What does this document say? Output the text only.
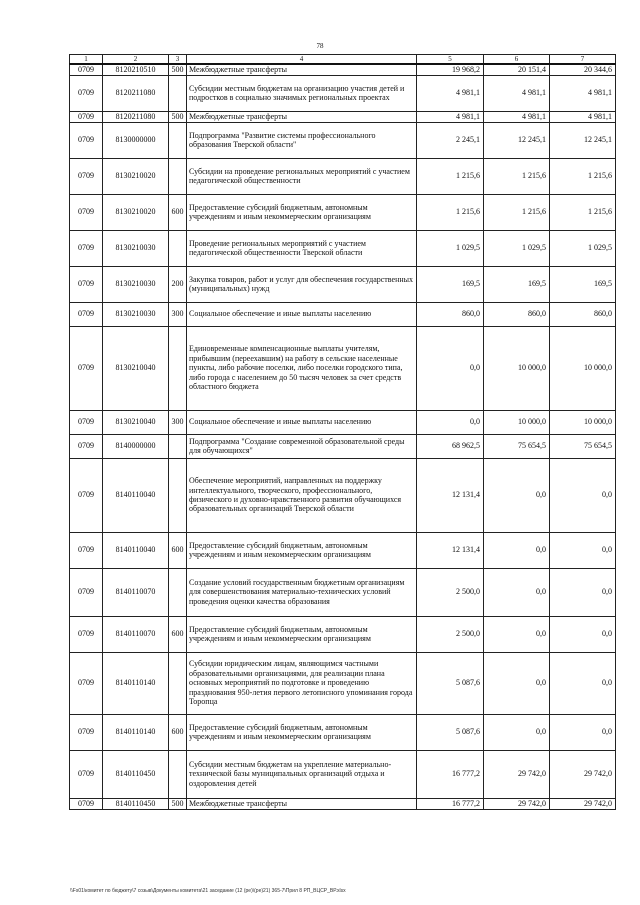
78
1	2	3	4	5	6	7
0709	8120210510	500	Межбюджетные трансферты	19 968,2	20 151,4	20 344,6
0709	8120211080		Субсидии местным бюджетам на организацию участия детей и подростков в социально значимых региональных проектах	4 981,1	4 981,1	4 981,1
0709	8120211080	500	Межбюджетные трансферты	4 981,1	4 981,1	4 981,1
0709	8130000000		Подпрограмма "Развитие системы профессионального образования Тверской области"	2 245,1	12 245,1	12 245,1
0709	8130210020		Субсидии на проведение региональных мероприятий с участием педагогической общественности	1 215,6	1 215,6	1 215,6
0709	8130210020	600	Предоставление субсидий бюджетным, автономным учреждениям и иным некоммерческим организациям	1 215,6	1 215,6	1 215,6
0709	8130210030		Проведение региональных мероприятий с участием педагогической общественности Тверской области	1 029,5	1 029,5	1 029,5
0709	8130210030	200	Закупка товаров, работ и услуг для обеспечения государственных (муниципальных) нужд	169,5	169,5	169,5
0709	8130210030	300	Социальное обеспечение и иные выплаты населению	860,0	860,0	860,0
0709	8130210040		Единовременные компенсационные выплаты учителям, прибывшим (переехавшим) на работу в сельские населенные пункты, либо рабочие поселки, либо поселки городского типа, либо города с населением до 50 тысяч человек за счет средств областного бюджета	0,0	10 000,0	10 000,0
0709	8130210040	300	Социальное обеспечение и иные выплаты населению	0,0	10 000,0	10 000,0
0709	8140000000		Подпрограмма "Создание современной образовательной среды для обучающихся"	68 962,5	75 654,5	75 654,5
0709	8140110040		Обеспечение мероприятий, направленных на поддержку интеллектуального, творческого, профессионального, физического и духовно-нравственного развития обучающихся образовательных организаций Тверской области	12 131,4	0,0	0,0
0709	8140110040	600	Предоставление субсидий бюджетным, автономным учреждениям и иным некоммерческим организациям	12 131,4	0,0	0,0
0709	8140110070		Создание условий государственным бюджетным организациям для совершенствования материально-технических условий проведения оценки качества образования	2 500,0	0,0	0,0
0709	8140110070	600	Предоставление субсидий бюджетным, автономным учреждениям и иным некоммерческим организациям	2 500,0	0,0	0,0
0709	8140110140		Субсидии юридическим лицам, являющимся частными образовательными организациями, для реализации плана основных мероприятий по подготовке и проведению празднования 950-летия первого летописного упоминания города Торопца	5 087,6	0,0	0,0
0709	8140110140	600	Предоставление субсидий бюджетным, автономным учреждениям и иным некоммерческим организациям	5 087,6	0,0	0,0
0709	8140110450		Субсидии местным бюджетам на укрепление материально-технической базы муниципальных организаций отдыха и оздоровления детей	16 777,2	29 742,0	29 742,0
0709	8140110450	500	Межбюджетные трансферты	16 777,2	29 742,0	29 742,0
\\Fs01\комитет по бюджету\7 созыв\Документы комитета\21 заседание (12 (ре)\(ре)21) 365-7\Прил 8 РП_ВЦСР_ВР.xlsx
